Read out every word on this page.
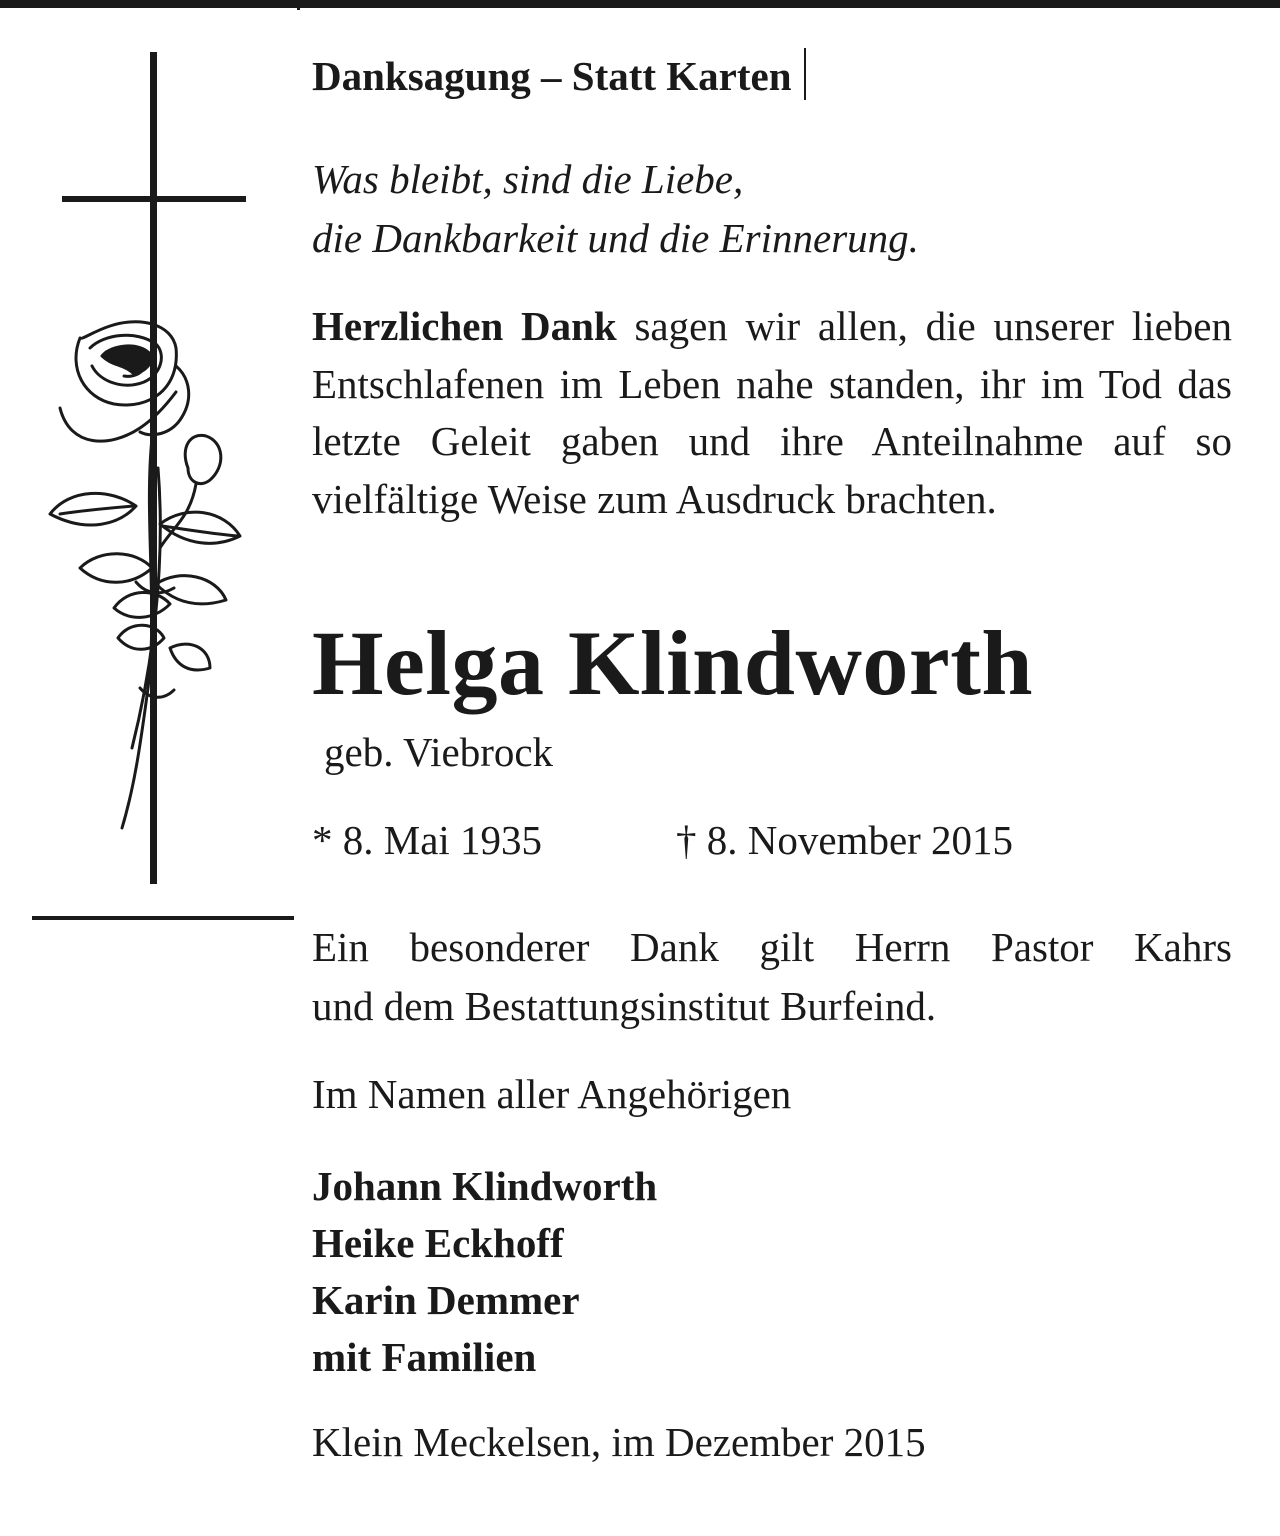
Danksagung – Statt Karten
Was bleibt, sind die Liebe,
die Dankbarkeit und die Erinnerung.
Herzlichen Dank sagen wir allen, die unserer lieben Entschlafenen im Leben nahe standen, ihr im Tod das letzte Geleit gaben und ihre Anteilnahme auf so vielfältige Weise zum Ausdruck brachten.
Helga Klindworth
geb. Viebrock
* 8. Mai 1935	† 8. November 2015
Ein besonderer Dank gilt Herrn Pastor Kahrs
und dem Bestattungsinstitut Burfeind.
Im Namen aller Angehörigen
Johann Klindworth
Heike Eckhoff
Karin Demmer
mit Familien
Klein Meckelsen, im Dezember 2015
